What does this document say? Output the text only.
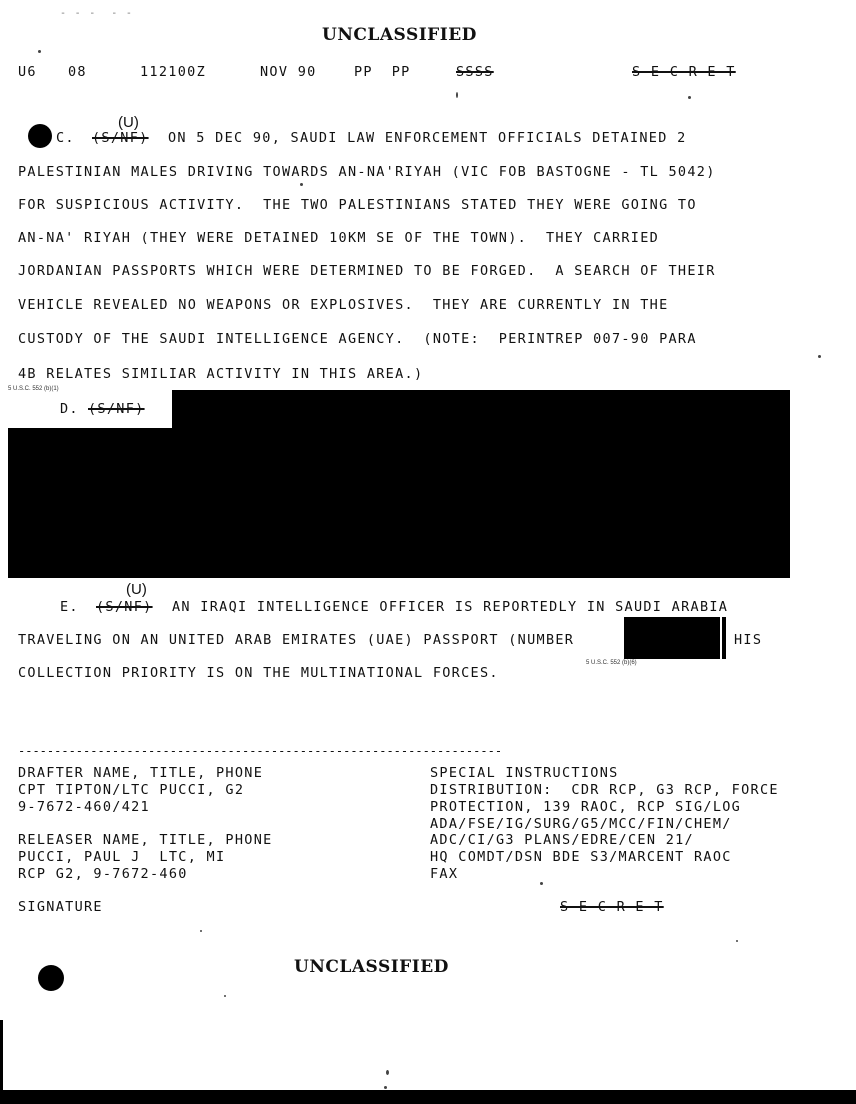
UNCLASSIFIED
- - -  - -
U6 08	112100Z	NOV 90	PP  PP	SSSS	S E C R E T
(U)
C. (S/NF) ON 5 DEC 90, SAUDI LAW ENFORCEMENT OFFICIALS DETAINED 2
PALESTINIAN MALES DRIVING TOWARDS AN-NA'RIYAH (VIC FOB BASTOGNE - TL 5042)
FOR SUSPICIOUS ACTIVITY.  THE TWO PALESTINIANS STATED THEY WERE GOING TO
AN-NA' RIYAH (THEY WERE DETAINED 10KM SE OF THE TOWN).  THEY CARRIED
JORDANIAN PASSPORTS WHICH WERE DETERMINED TO BE FORGED.  A SEARCH OF THEIR
VEHICLE REVEALED NO WEAPONS OR EXPLOSIVES.  THEY ARE CURRENTLY IN THE
CUSTODY OF THE SAUDI INTELLIGENCE AGENCY.  (NOTE:  PERINTREP 007-90 PARA
4B RELATES SIMILIAR ACTIVITY IN THIS AREA.)
5 U.S.C. 552 (b)(1)
D. (S/NF)
(U)
E. (S/NF) AN IRAQI INTELLIGENCE OFFICER IS REPORTEDLY IN SAUDI ARABIA
TRAVELING ON AN UNITED ARAB EMIRATES (UAE) PASSPORT (NUMBER	HIS
COLLECTION PRIORITY IS ON THE MULTINATIONAL FORCES.
5 U.S.C. 552 (b)(6)
-------------------------------------------------------------------
DRAFTER NAME, TITLE, PHONE
CPT TIPTON/LTC PUCCI, G2
9-7672-460/421
RELEASER NAME, TITLE, PHONE
PUCCI, PAUL J  LTC, MI
RCP G2, 9-7672-460
SIGNATURE
SPECIAL INSTRUCTIONS
DISTRIBUTION:  CDR RCP, G3 RCP, FORCE
PROTECTION, 139 RAOC, RCP SIG/LOG
ADA/FSE/IG/SURG/G5/MCC/FIN/CHEM/
ADC/CI/G3 PLANS/EDRE/CEN 21/
HQ COMDT/DSN BDE S3/MARCENT RAOC
FAX
S E C R E T
UNCLASSIFIED
